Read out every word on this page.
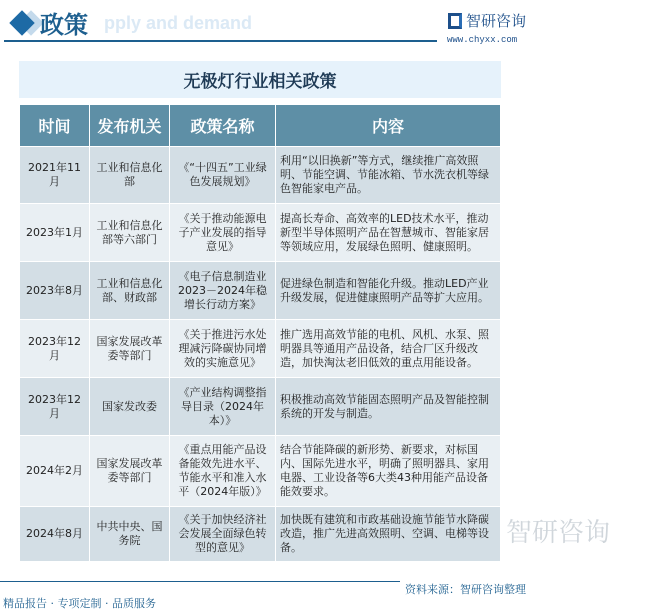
pply and demand
政策	智研咨询
www.chyxx.com
无极灯行业相关政策
时间	发布机关	政策名称	内容
2021年11月	工业和信息化部	《“十四五”工业绿色发展规划》	利用“以旧换新”等方式，继续推广高效照明、节能空调、节能冰箱、节水洗衣机等绿色智能家电产品。
2023年1月	工业和信息化部等六部门	《关于推动能源电子产业发展的指导意见》	提高长寿命、高效率的LED技术水平，推动新型半导体照明产品在智慧城市、智能家居等领域应用，发展绿色照明、健康照明。
2023年8月	工业和信息化部、财政部	《电子信息制造业2023－2024年稳增长行动方案》	促进绿色制造和智能化升级。推动LED产业升级发展，促进健康照明产品等扩大应用。
2023年12月	国家发展改革委等部门	《关于推进污水处理减污降碳协同增效的实施意见》	推广选用高效节能的电机、风机、水泵、照明器具等通用产品设备，结合厂区升级改造，加快淘汰老旧低效的重点用能设备。
2023年12月	国家发改委	《产业结构调整指导目录（2024年本）》	积极推动高效节能固态照明产品及智能控制系统的开发与制造。
2024年2月	国家发展改革委等部门	《重点用能产品设备能效先进水平、节能水平和准入水平（2024年版）》	结合节能降碳的新形势、新要求，对标国内、国际先进水平，明确了照明器具、家用电器、工业设备等6大类43种用能产品设备能效要求。
2024年8月	中共中央、国务院	《关于加快经济社会发展全面绿色转型的意见》	加快既有建筑和市政基础设施节能节水降碳改造，推广先进高效照明、空调、电梯等设备。	智研咨询
资料来源：智研咨询整理
精品报告 · 专项定制 · 品质服务
